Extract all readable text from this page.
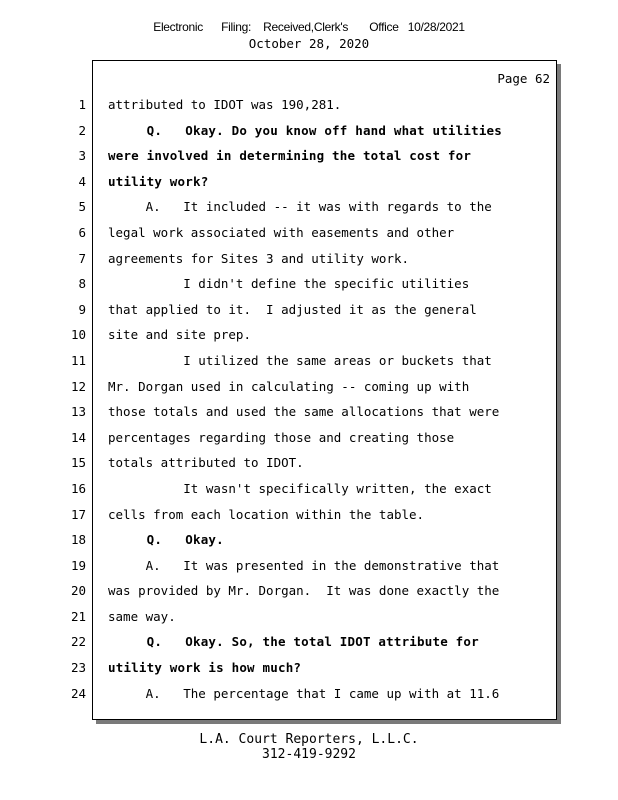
Electronic      Filing:    Received,Clerk's       Office   10/28/2021
October 28, 2020
Page 62
1
2
3
4
5
6
7
8
9
10
11
12
13
14
15
16
17
18
19
20
21
22
23
24
attributed to IDOT was 190,281.
Q.   Okay. Do you know off hand what utilities
were involved in determining the total cost for
utility work?
A.   It included -- it was with regards to the
legal work associated with easements and other
agreements for Sites 3 and utility work.
I didn't define the specific utilities
that applied to it.  I adjusted it as the general
site and site prep.
I utilized the same areas or buckets that
Mr. Dorgan used in calculating -- coming up with
those totals and used the same allocations that were
percentages regarding those and creating those
totals attributed to IDOT.
It wasn't specifically written, the exact
cells from each location within the table.
Q.   Okay.
A.   It was presented in the demonstrative that
was provided by Mr. Dorgan.  It was done exactly the
same way.
Q.   Okay. So, the total IDOT attribute for
utility work is how much?
A.   The percentage that I came up with at 11.6
L.A. Court Reporters, L.L.C.
312-419-9292
